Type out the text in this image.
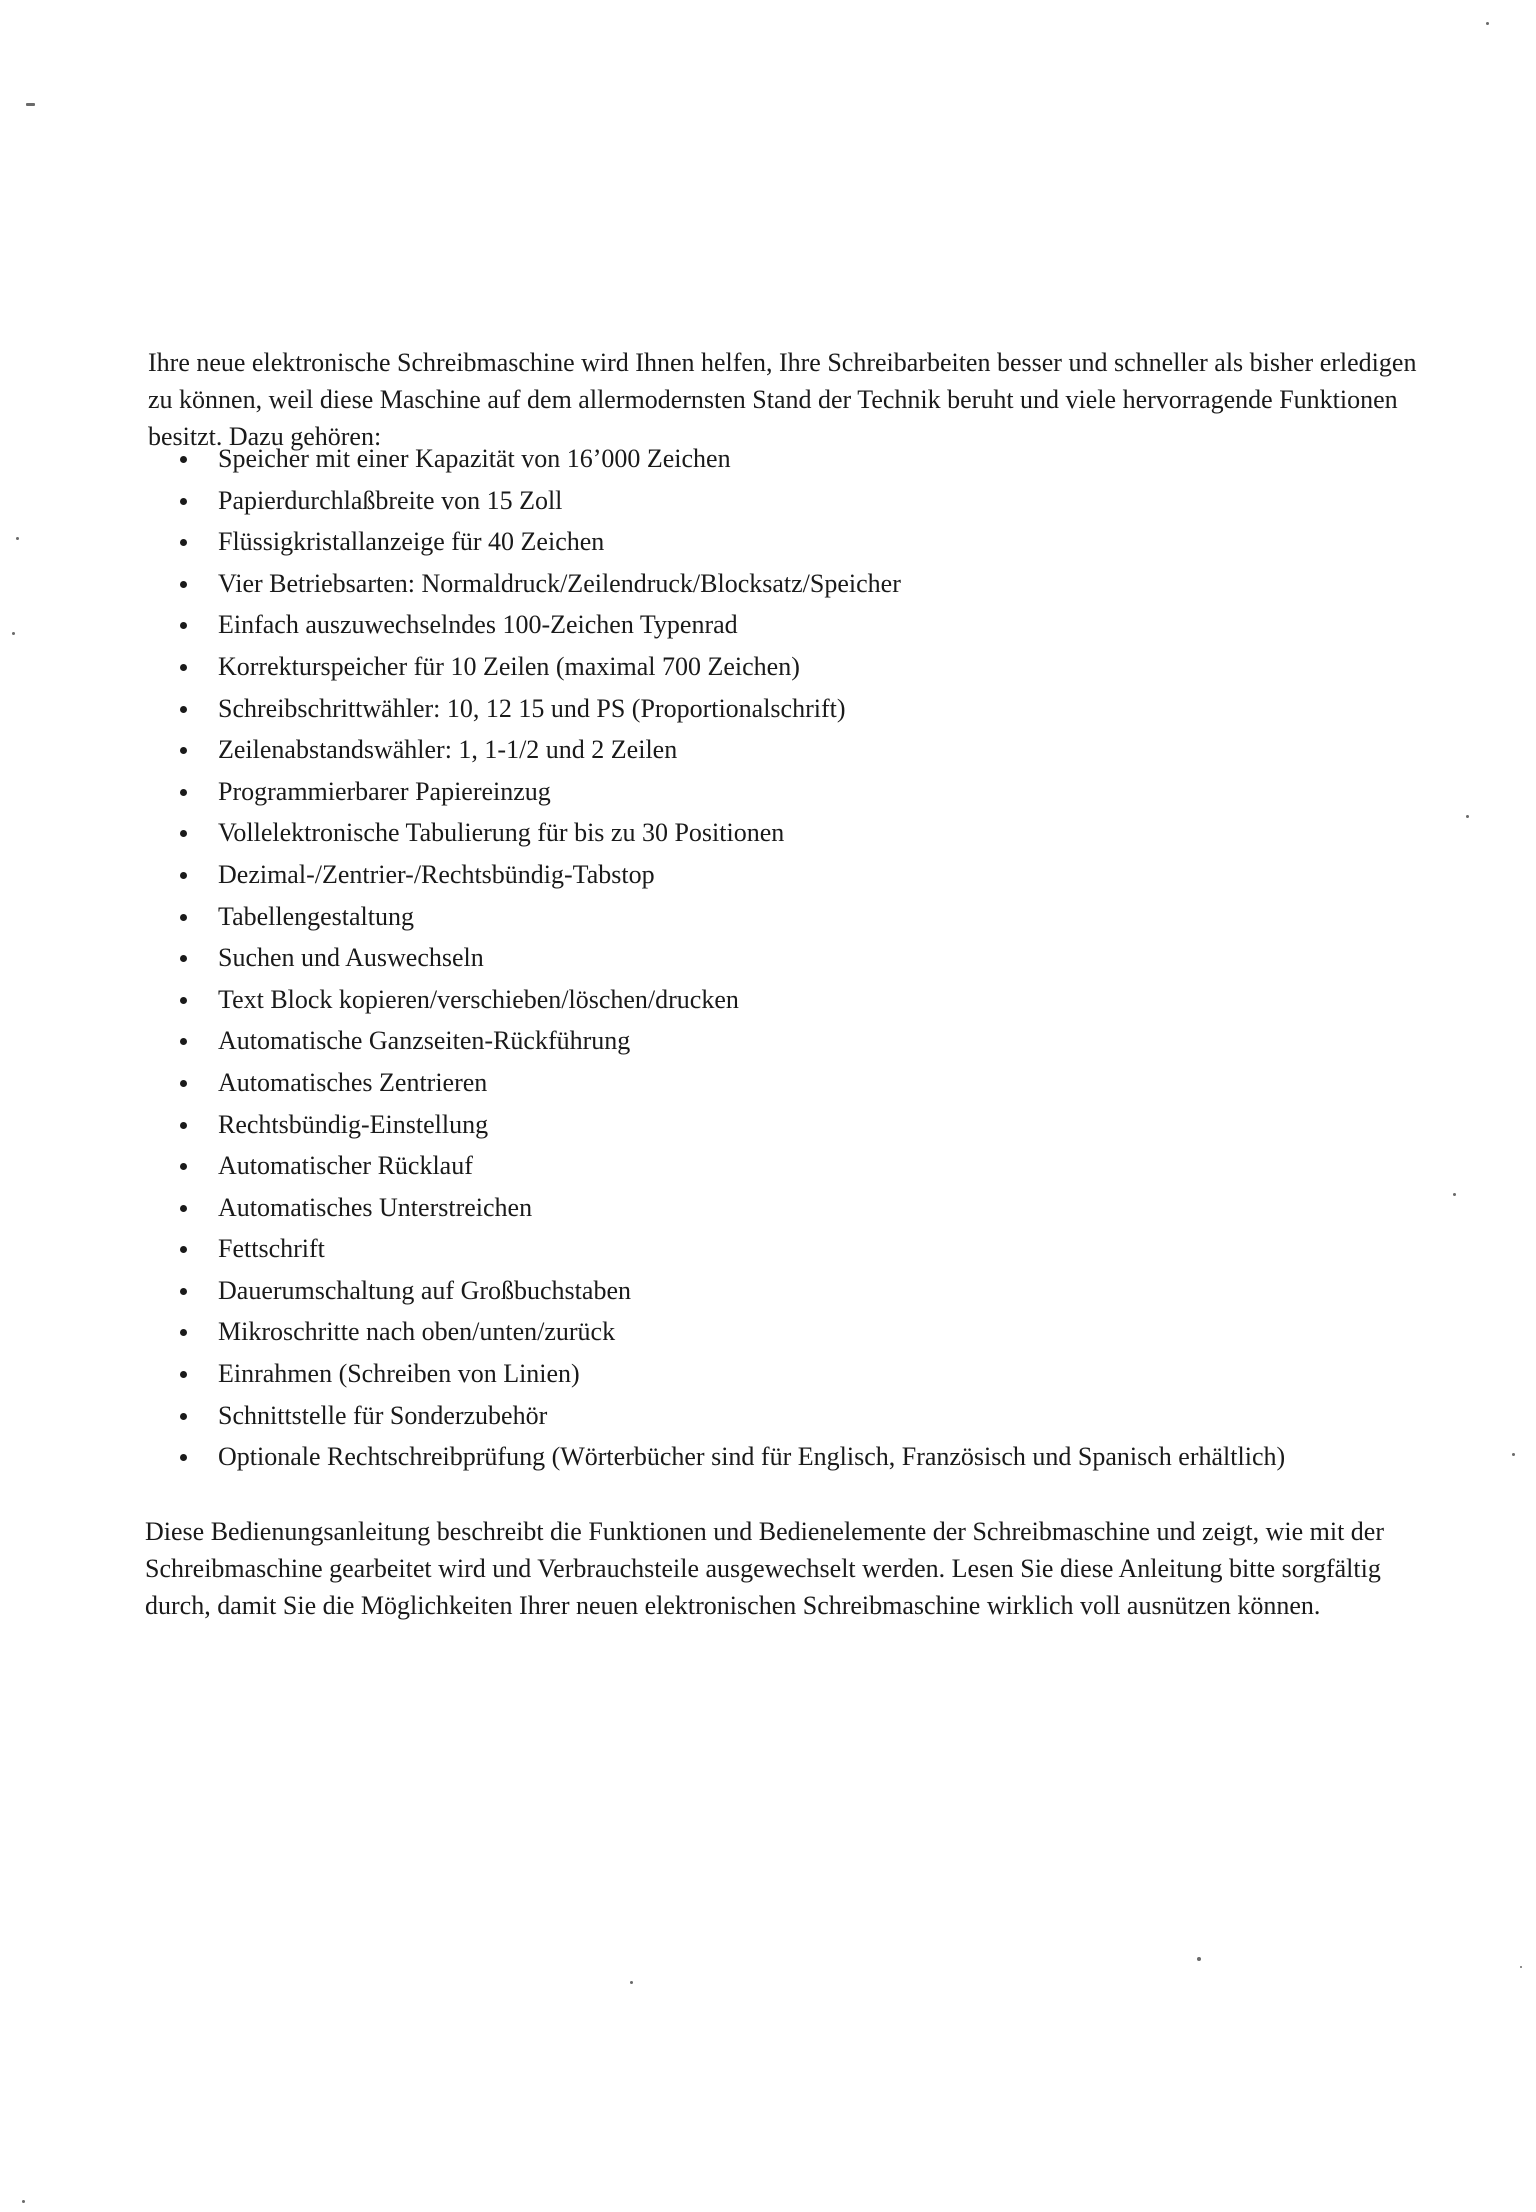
Ihre neue elektronische Schreibmaschine wird Ihnen helfen, Ihre Schreibarbeiten besser und schneller als bisher erledigen zu können, weil diese Maschine auf dem allermodernsten Stand der Technik beruht und viele hervorragende Funktionen besitzt. Dazu gehören:

Speicher mit einer Kapazität von 16’000 Zeichen
Papierdurchlaßbreite von 15 Zoll
Flüssigkristallanzeige für 40 Zeichen
Vier Betriebsarten: Normaldruck/Zeilendruck/Blocksatz/Speicher
Einfach auszuwechselndes 100-Zeichen Typenrad
Korrekturspeicher für 10 Zeilen (maximal 700 Zeichen)
Schreibschrittwähler: 10, 12 15 und PS (Proportionalschrift)
Zeilenabstandswähler: 1, 1-1/2 und 2 Zeilen
Programmierbarer Papiereinzug
Vollelektronische Tabulierung für bis zu 30 Positionen
Dezimal-/Zentrier-/Rechtsbündig-Tabstop
Tabellengestaltung
Suchen und Auswechseln
Text Block kopieren/verschieben/löschen/drucken
Automatische Ganzseiten-Rückführung
Automatisches Zentrieren
Rechtsbündig-Einstellung
Automatischer Rücklauf
Automatisches Unterstreichen
Fettschrift
Dauerumschaltung auf Großbuchstaben
Mikroschritte nach oben/unten/zurück
Einrahmen (Schreiben von Linien)
Schnittstelle für Sonderzubehör
Optionale Rechtschreibprüfung (Wörterbücher sind für Englisch, Französisch und Spanisch erhältlich)

Diese Bedienungsanleitung beschreibt die Funktionen und Bedienelemente der Schreibmaschine und zeigt, wie mit der Schreibmaschine gearbeitet wird und Verbrauchsteile ausgewechselt werden. Lesen Sie diese Anleitung bitte sorgfältig durch, damit Sie die Möglichkeiten Ihrer neuen elektronischen Schreibmaschine wirklich voll ausnützen können.
